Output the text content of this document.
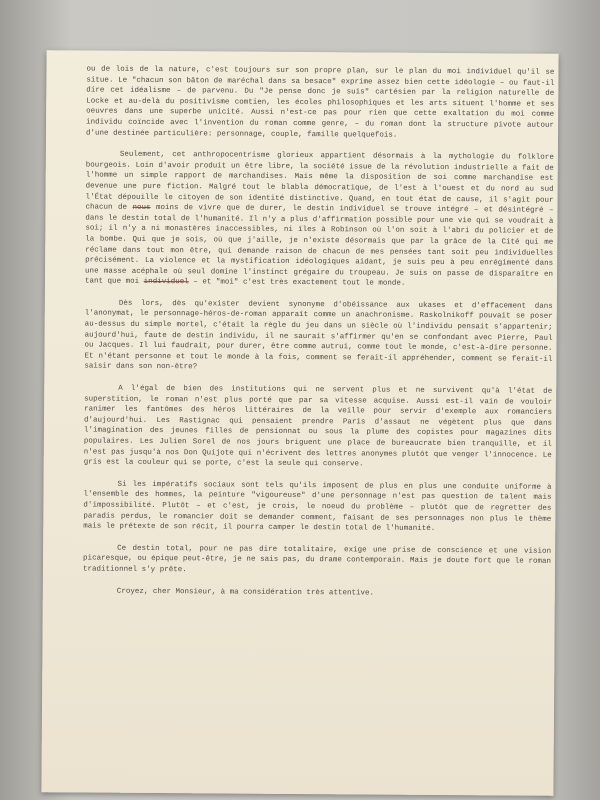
ou de lois de la nature, c'est toujours sur son propre plan, sur le plan du moi individuel qu'il se situe. Le "chacun son bâton de maréchal dans sa besace" exprime assez bien cette idéologie – ou faut-il dire cet idéalisme – de parvenu. Du "Je pense donc je suis" cartésien par la religion naturelle de Locke et au-delà du positivisme comtien, les écoles philosophiques et les arts situent l'homme et ses oeuvres dans une superbe unicité. Aussi n'est-ce pas pour rien que cette exaltation du moi comme individu coïncide avec l'invention du roman comme genre, – du roman dont la structure pivote autour d'une destinée particulière: personnage, couple, famille quelquefois.

Seulement, cet anthropocentrisme glorieux appartient désormais à la mythologie du folklore bourgeois. Loin d'avoir produit un être libre, la société issue de la révolution industrielle a fait de l'homme un simple rapport de marchandises. Mais même la disposition de soi comme marchandise est devenue une pure fiction. Malgré tout le blabla démocratique, de l'est à l'ouest et du nord au sud l'État dépouille le citoyen de son identité distinctive. Quand, en tout état de cause, il s'agit pour chacun de nous moins de vivre que de durer, le destin individuel se trouve intégré – et désintégré – dans le destin total de l'humanité. Il n'y a plus d'affirmation possible pour une vie qui se voudrait à soi; il n'y a ni monastères inaccessibles, ni îles à Robinson où l'on soit à l'abri du policier et de la bombe. Qui que je sois, où que j'aille, je n'existe désormais que par la grâce de la Cité qui me réclame dans tout mon être, qui demande raison de chacun de mes pensées tant soit peu individuelles précisément. La violence et la mystification idéologiques aidant, je suis peu à peu enrégimenté dans une masse acéphale où seul domine l'instinct grégaire du troupeau. Je suis on passe de disparaître en tant que moi individuel – et "moi" c'est très exactement tout le monde.

Dès lors, dès qu'exister devient synonyme d'obéissance aux ukases et d'effacement dans l'anonymat, le personnage-héros-de-roman apparaît comme un anachronisme. Raskolnikoff pouvait se poser au-dessus du simple mortel, c'était la règle du jeu dans un siècle où l'individu pensait s'appartenir; aujourd'hui, faute de destin individu, il ne saurait s'affirmer qu'en se confondant avec Pierre, Paul ou Jacques. Il lui faudrait, pour durer, être comme autrui, comme tout le monde, c'est-à-dire personne. Et n'étant personne et tout le monde à la fois, comment se ferait-il appréhender, comment se ferait-il saisir dans son non-être?

A l'égal de bien des institutions qui ne servent plus et ne survivent qu'à l'état de superstition, le roman n'est plus porté que par sa vitesse acquise. Aussi est-il vain de vouloir ranimer les fantômes des héros littéraires de la veille pour servir d'exemple aux romanciers d'aujourd'hui. Les Rastignac qui pensaient prendre Paris d'assaut ne végètent plus que dans l'imagination des jeunes filles de pensionnat ou sous la plume des copistes pour magazines dits populaires. Les Julien Sorel de nos jours briguent une place de bureaucrate bien tranquille, et il n'est pas jusqu'à nos Don Quijote qui n'écrivent des lettres anonymes plutôt que venger l'innocence. Le gris est la couleur qui se porte, c'est la seule qui conserve.

Si les impératifs sociaux sont tels qu'ils imposent de plus en plus une conduite uniforme à l'ensemble des hommes, la peinture "vigoureuse" d'une personnage n'est pas question de talent mais d'impossibilité. Plutôt – et c'est, je crois, le noeud du problème – plutôt que de regretter des paradis perdus, le romancier doit se demander comment, faisant de ses personnages non plus le thème mais le prétexte de son récit, il pourra camper le destin total de l'humanité.

Ce destin total, pour ne pas dire totalitaire, exige une prise de conscience et une vision picaresque, ou épique peut-être, je ne sais pas, du drame contemporain. Mais je doute fort que le roman traditionnel s'y prête.

Croyez, cher Monsieur, à ma considération très attentive.
